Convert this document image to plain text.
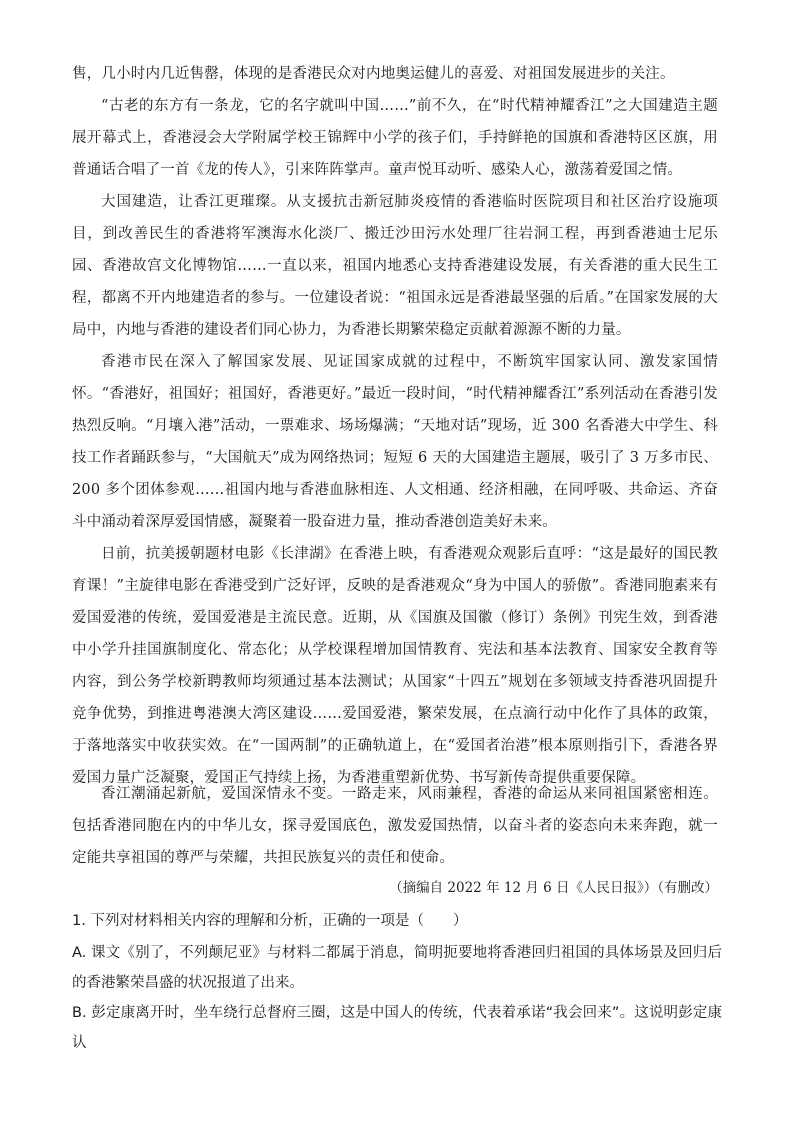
售，几小时内几近售罄，体现的是香港民众对内地奥运健儿的喜爱、对祖国发展进步的关注。

“古老的东方有一条龙，它的名字就叫中国……”前不久，在“时代精神耀香江”之大国建造主题展开幕式上，香港浸会大学附属学校王锦辉中小学的孩子们，手持鲜艳的国旗和香港特区区旗，用普通话合唱了一首《龙的传人》，引来阵阵掌声。童声悦耳动听、感染人心，激荡着爱国之情。

大国建造，让香江更璀璨。从支援抗击新冠肺炎疫情的香港临时医院项目和社区治疗设施项目，到改善民生的香港将军澳海水化淡厂、搬迁沙田污水处理厂往岩洞工程，再到香港迪士尼乐园、香港故宫文化博物馆……一直以来，祖国内地悉心支持香港建设发展，有关香港的重大民生工程，都离不开内地建造者的参与。一位建设者说：“祖国永远是香港最坚强的后盾。”在国家发展的大局中，内地与香港的建设者们同心协力，为香港长期繁荣稳定贡献着源源不断的力量。

香港市民在深入了解国家发展、见证国家成就的过程中，不断筑牢国家认同、激发家国情怀。“香港好，祖国好；祖国好，香港更好。”最近一段时间，“时代精神耀香江”系列活动在香港引发热烈反响。“月壤入港”活动，一票难求、场场爆满；“天地对话”现场，近 300 名香港大中学生、科技工作者踊跃参与，“大国航天”成为网络热词；短短 6 天的大国建造主题展，吸引了 3 万多市民、200 多个团体参观……祖国内地与香港血脉相连、人文相通、经济相融，在同呼吸、共命运、齐奋斗中涌动着深厚爱国情感，凝聚着一股奋进力量，推动香港创造美好未来。

日前，抗美援朝题材电影《长津湖》在香港上映，有香港观众观影后直呼：“这是最好的国民教育课！”主旋律电影在香港受到广泛好评，反映的是香港观众“身为中国人的骄傲”。香港同胞素来有爱国爱港的传统，爱国爱港是主流民意。近期，从《国旗及国徽（修订）条例》刊宪生效，到香港中小学升挂国旗制度化、常态化；从学校课程增加国情教育、宪法和基本法教育、国家安全教育等内容，到公务学校新聘教师均须通过基本法测试；从国家“十四五”规划在多领域支持香港巩固提升竞争优势，到推进粤港澳大湾区建设……爱国爱港，繁荣发展，在点滴行动中化作了具体的政策，于落地落实中收获实效。在“一国两制”的正确轨道上，在“爱国者治港”根本原则指引下，香港各界爱国力量广泛凝聚，爱国正气持续上扬，为香港重塑新优势、书写新传奇提供重要保障。

香江潮涌起新航，爱国深情永不变。一路走来，风雨兼程，香港的命运从来同祖国紧密相连。包括香港同胞在内的中华儿女，探寻爱国底色，激发爱国热情，以奋斗者的姿态向未来奔跑，就一定能共享祖国的尊严与荣耀，共担民族复兴的责任和使命。

（摘编自 2022 年 12 月 6 日《人民日报》）（有删改）

1. 下列对材料相关内容的理解和分析，正确的一项是（　　）

A. 课文《别了，不列颠尼亚》与材料二都属于消息，简明扼要地将香港回归祖国的具体场景及回归后的香港繁荣昌盛的状况报道了出来。

B. 彭定康离开时，坐车绕行总督府三圈，这是中国人的传统，代表着承诺“我会回来”。这说明彭定康认
